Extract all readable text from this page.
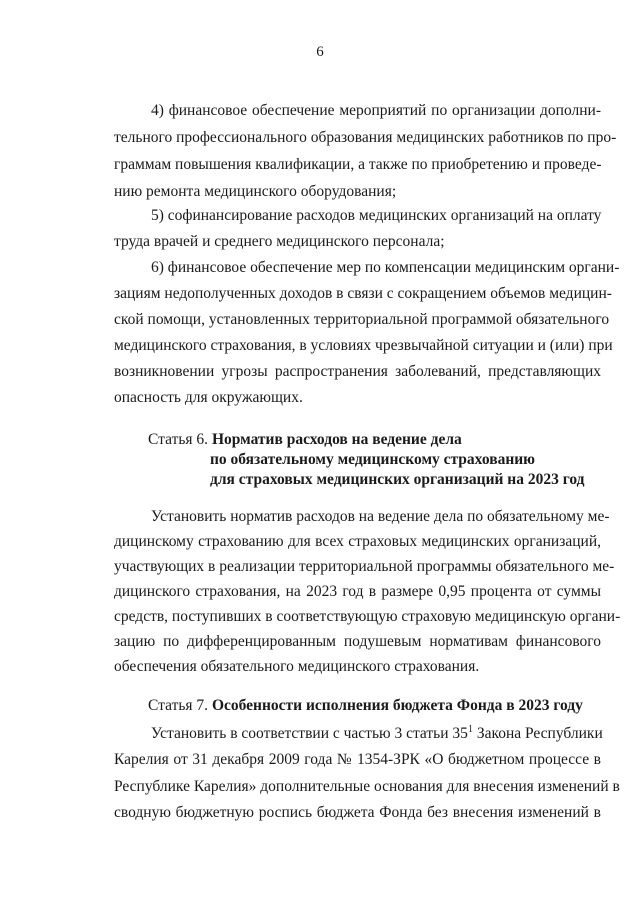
6
4) финансовое обеспечение мероприятий по организации дополни-
тельного профессионального образования медицинских работников по про-
граммам повышения квалификации, а также по приобретению и проведе-
нию ремонта медицинского оборудования;
5) софинансирование расходов медицинских организаций на оплату
труда врачей и среднего медицинского персонала;
6) финансовое обеспечение мер по компенсации медицинским органи-
зациям недополученных доходов в связи с сокращением объемов медицин-
ской помощи, установленных территориальной программой обязательного
медицинского страхования, в условиях чрезвычайной ситуации и (или) при
возникновении угрозы распространения заболеваний, представляющих
опасность для окружающих.
Статья 6. Норматив расходов на ведение дела
по обязательному медицинскому страхованию
для страховых медицинских организаций на 2023 год
Установить норматив расходов на ведение дела по обязательному ме-
дицинскому страхованию для всех страховых медицинских организаций,
участвующих в реализации территориальной программы обязательного ме-
дицинского страхования, на 2023 год в размере 0,95 процента от суммы
средств, поступивших в соответствующую страховую медицинскую органи-
зацию по дифференцированным подушевым нормативам финансового
обеспечения обязательного медицинского страхования.
Статья 7. Особенности исполнения бюджета Фонда в 2023 году
Установить в соответствии с частью 3 статьи $35^1$ Закона Республики
Карелия от 31 декабря 2009 года № 1354-ЗРК «О бюджетном процессе в
Республике Карелия» дополнительные основания для внесения изменений в
сводную бюджетную роспись бюджета Фонда без внесения изменений в
